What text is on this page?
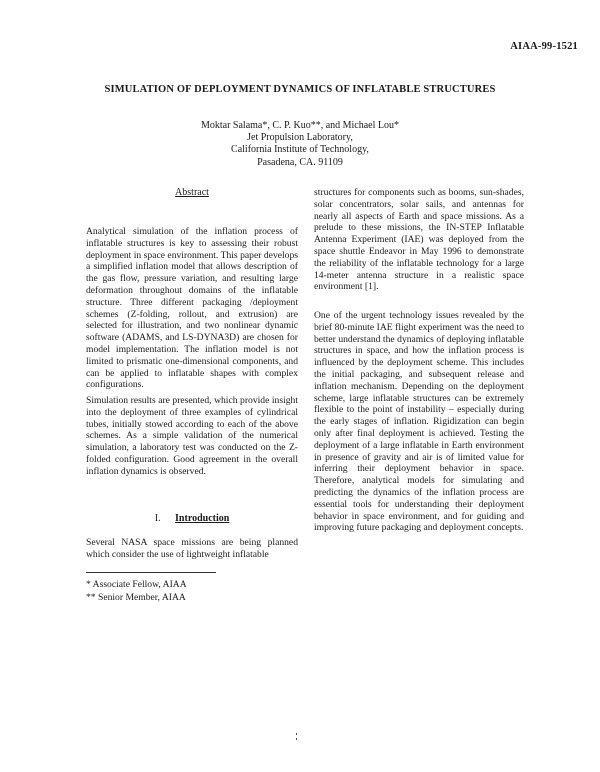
AIAA-99-1521
SIMULATION OF DEPLOYMENT DYNAMICS OF INFLATABLE STRUCTURES
Moktar Salama*, C. P. Kuo**, and Michael Lou*
Jet Propulsion Laboratory,
California Institute of Technology,
Pasadena, CA. 91109
Abstract

Analytical simulation of the inflation process of inflatable structures is key to assessing their robust deployment in space environment. This paper develops a simplified inflation model that allows description of the gas flow, pressure variation, and resulting large deformation throughout domains of the inflatable structure. Three different packaging /deployment schemes (Z-folding, rollout, and extrusion) are selected for illustration, and two nonlinear dynamic software (ADAMS, and LS-DYNA3D) are chosen for model implementation. The inflation model is not limited to prismatic one-dimensional components, and can be applied to inflatable shapes with complex configurations.

Simulation results are presented, which provide insight into the deployment of three examples of cylindrical tubes, initially stowed according to each of the above schemes. As a simple validation of the numerical simulation, a laboratory test was conducted on the Z-folded configuration. Good agreement in the overall inflation dynamics is observed.

I. Introduction

Several NASA space missions are being planned which consider the use of lightweight inflatable

structures for components such as booms, sun-shades, solar concentrators, solar sails, and antennas for nearly all aspects of Earth and space missions. As a prelude to these missions, the IN-STEP Inflatable Antenna Experiment (IAE) was deployed from the space shuttle Endeavor in May 1996 to demonstrate the reliability of the inflatable technology for a large 14-meter antenna structure in a realistic space environment [1].

One of the urgent technology issues revealed by the brief 80-minute IAE flight experiment was the need to better understand the dynamics of deploying inflatable structures in space, and how the inflation process is influenced by the deployment scheme. This includes the initial packaging, and subsequent release and inflation mechanism. Depending on the deployment scheme, large inflatable structures can be extremely flexible to the point of instability – especially during the early stages of inflation. Rigidization can begin only after final deployment is achieved. Testing the deployment of a large inflatable in Earth environment in presence of gravity and air is of limited value for inferring their deployment behavior in space. Therefore, analytical models for simulating and predicting the dynamics of the inflation process are essential tools for understanding their deployment behavior in space environment, and for guiding and improving future packaging and deployment concepts.

* Associate Fellow, AIAA
** Senior Member, AIAA
